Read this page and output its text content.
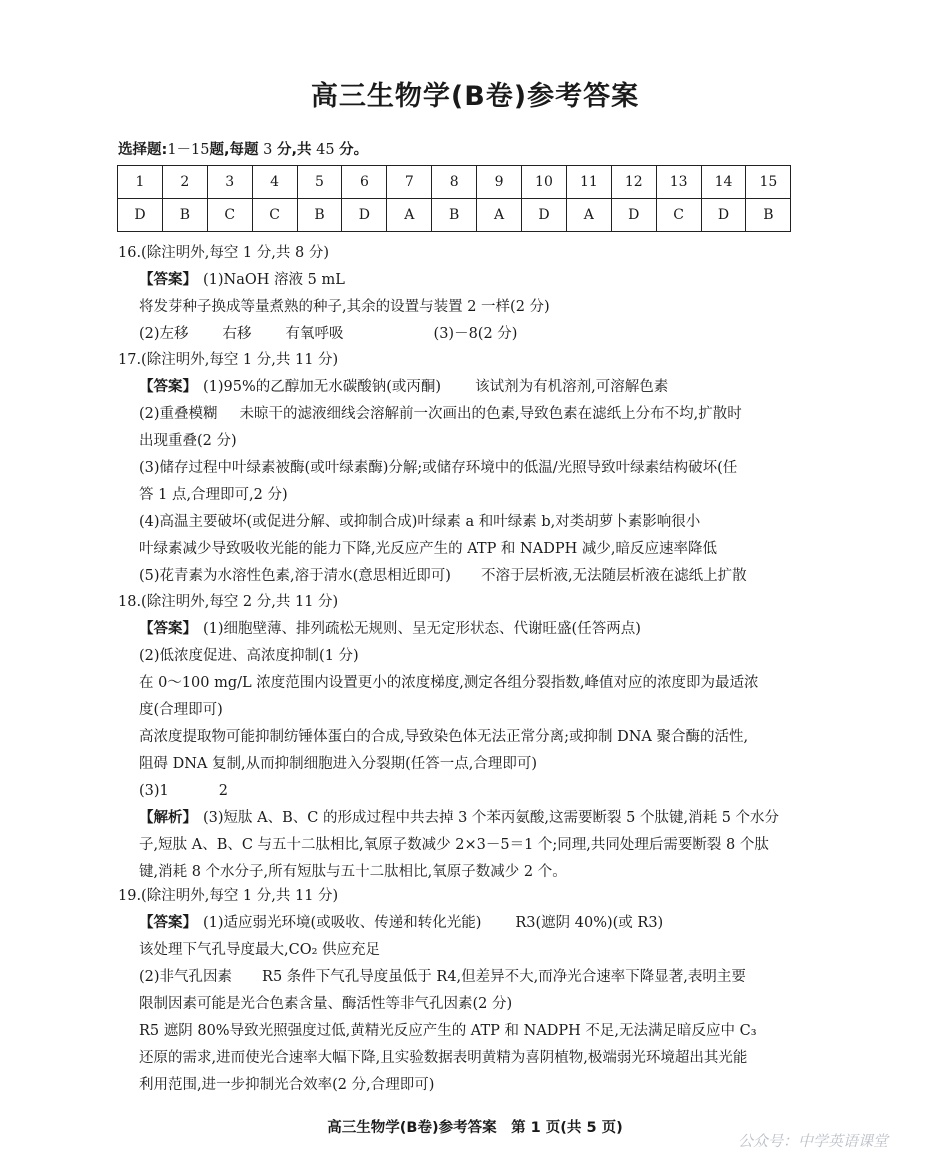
高三生物学(B卷)参考答案
选择题:1－15题,每题 3 分,共 45 分。
1	2	3	4	5	6	7	8	9	10	11	12	13	14	15
D	B	C	C	B	D	A	B	A	D	A	D	C	D	B
16.(除注明外,每空 1 分,共 8 分)
【答案】 (1)NaOH 溶液 5 mL
将发芽种子换成等量煮熟的种子,其余的设置与装置 2 一样(2 分)
(2)左移 右移 有氧呼吸	(3)－8(2 分)
17.(除注明外,每空 1 分,共 11 分)
【答案】 (1)95%的乙醇加无水碳酸钠(或丙酮) 该试剂为有机溶剂,可溶解色素
(2)重叠模糊 未晾干的滤液细线会溶解前一次画出的色素,导致色素在滤纸上分布不均,扩散时
出现重叠(2 分)
(3)储存过程中叶绿素被酶(或叶绿素酶)分解;或储存环境中的低温/光照导致叶绿素结构破坏(任
答 1 点,合理即可,2 分)
(4)高温主要破坏(或促进分解、或抑制合成)叶绿素 a 和叶绿素 b,对类胡萝卜素影响很小
叶绿素减少导致吸收光能的能力下降,光反应产生的 ATP 和 NADPH 减少,暗反应速率降低
(5)花青素为水溶性色素,溶于清水(意思相近即可) 不溶于层析液,无法随层析液在滤纸上扩散
18.(除注明外,每空 2 分,共 11 分)
【答案】 (1)细胞壁薄、排列疏松无规则、呈无定形状态、代谢旺盛(任答两点)
(2)低浓度促进、高浓度抑制(1 分)
在 0～100 mg/L 浓度范围内设置更小的浓度梯度,测定各组分裂指数,峰值对应的浓度即为最适浓
度(合理即可)
高浓度提取物可能抑制纺锤体蛋白的合成,导致染色体无法正常分离;或抑制 DNA 聚合酶的活性,
阻碍 DNA 复制,从而抑制细胞进入分裂期(任答一点,合理即可)
(3)1	2
【解析】 (3)短肽 A、B、C 的形成过程中共去掉 3 个苯丙氨酸,这需要断裂 5 个肽键,消耗 5 个水分
子,短肽 A、B、C 与五十二肽相比,氧原子数减少 2×3－5＝1 个;同理,共同处理后需要断裂 8 个肽
键,消耗 8 个水分子,所有短肽与五十二肽相比,氧原子数减少 2 个。
19.(除注明外,每空 1 分,共 11 分)
【答案】 (1)适应弱光环境(或吸收、传递和转化光能) R3(遮阴 40%)(或 R3)
该处理下气孔导度最大,CO₂ 供应充足
(2)非气孔因素 R5 条件下气孔导度虽低于 R4,但差异不大,而净光合速率下降显著,表明主要
限制因素可能是光合色素含量、酶活性等非气孔因素(2 分)
R5 遮阴 80%导致光照强度过低,黄精光反应产生的 ATP 和 NADPH 不足,无法满足暗反应中 C₃
还原的需求,进而使光合速率大幅下降,且实验数据表明黄精为喜阴植物,极端弱光环境超出其光能
利用范围,进一步抑制光合效率(2 分,合理即可)
高三生物学(B卷)参考答案　第 1 页(共 5 页)
公众号：中学英语课堂
